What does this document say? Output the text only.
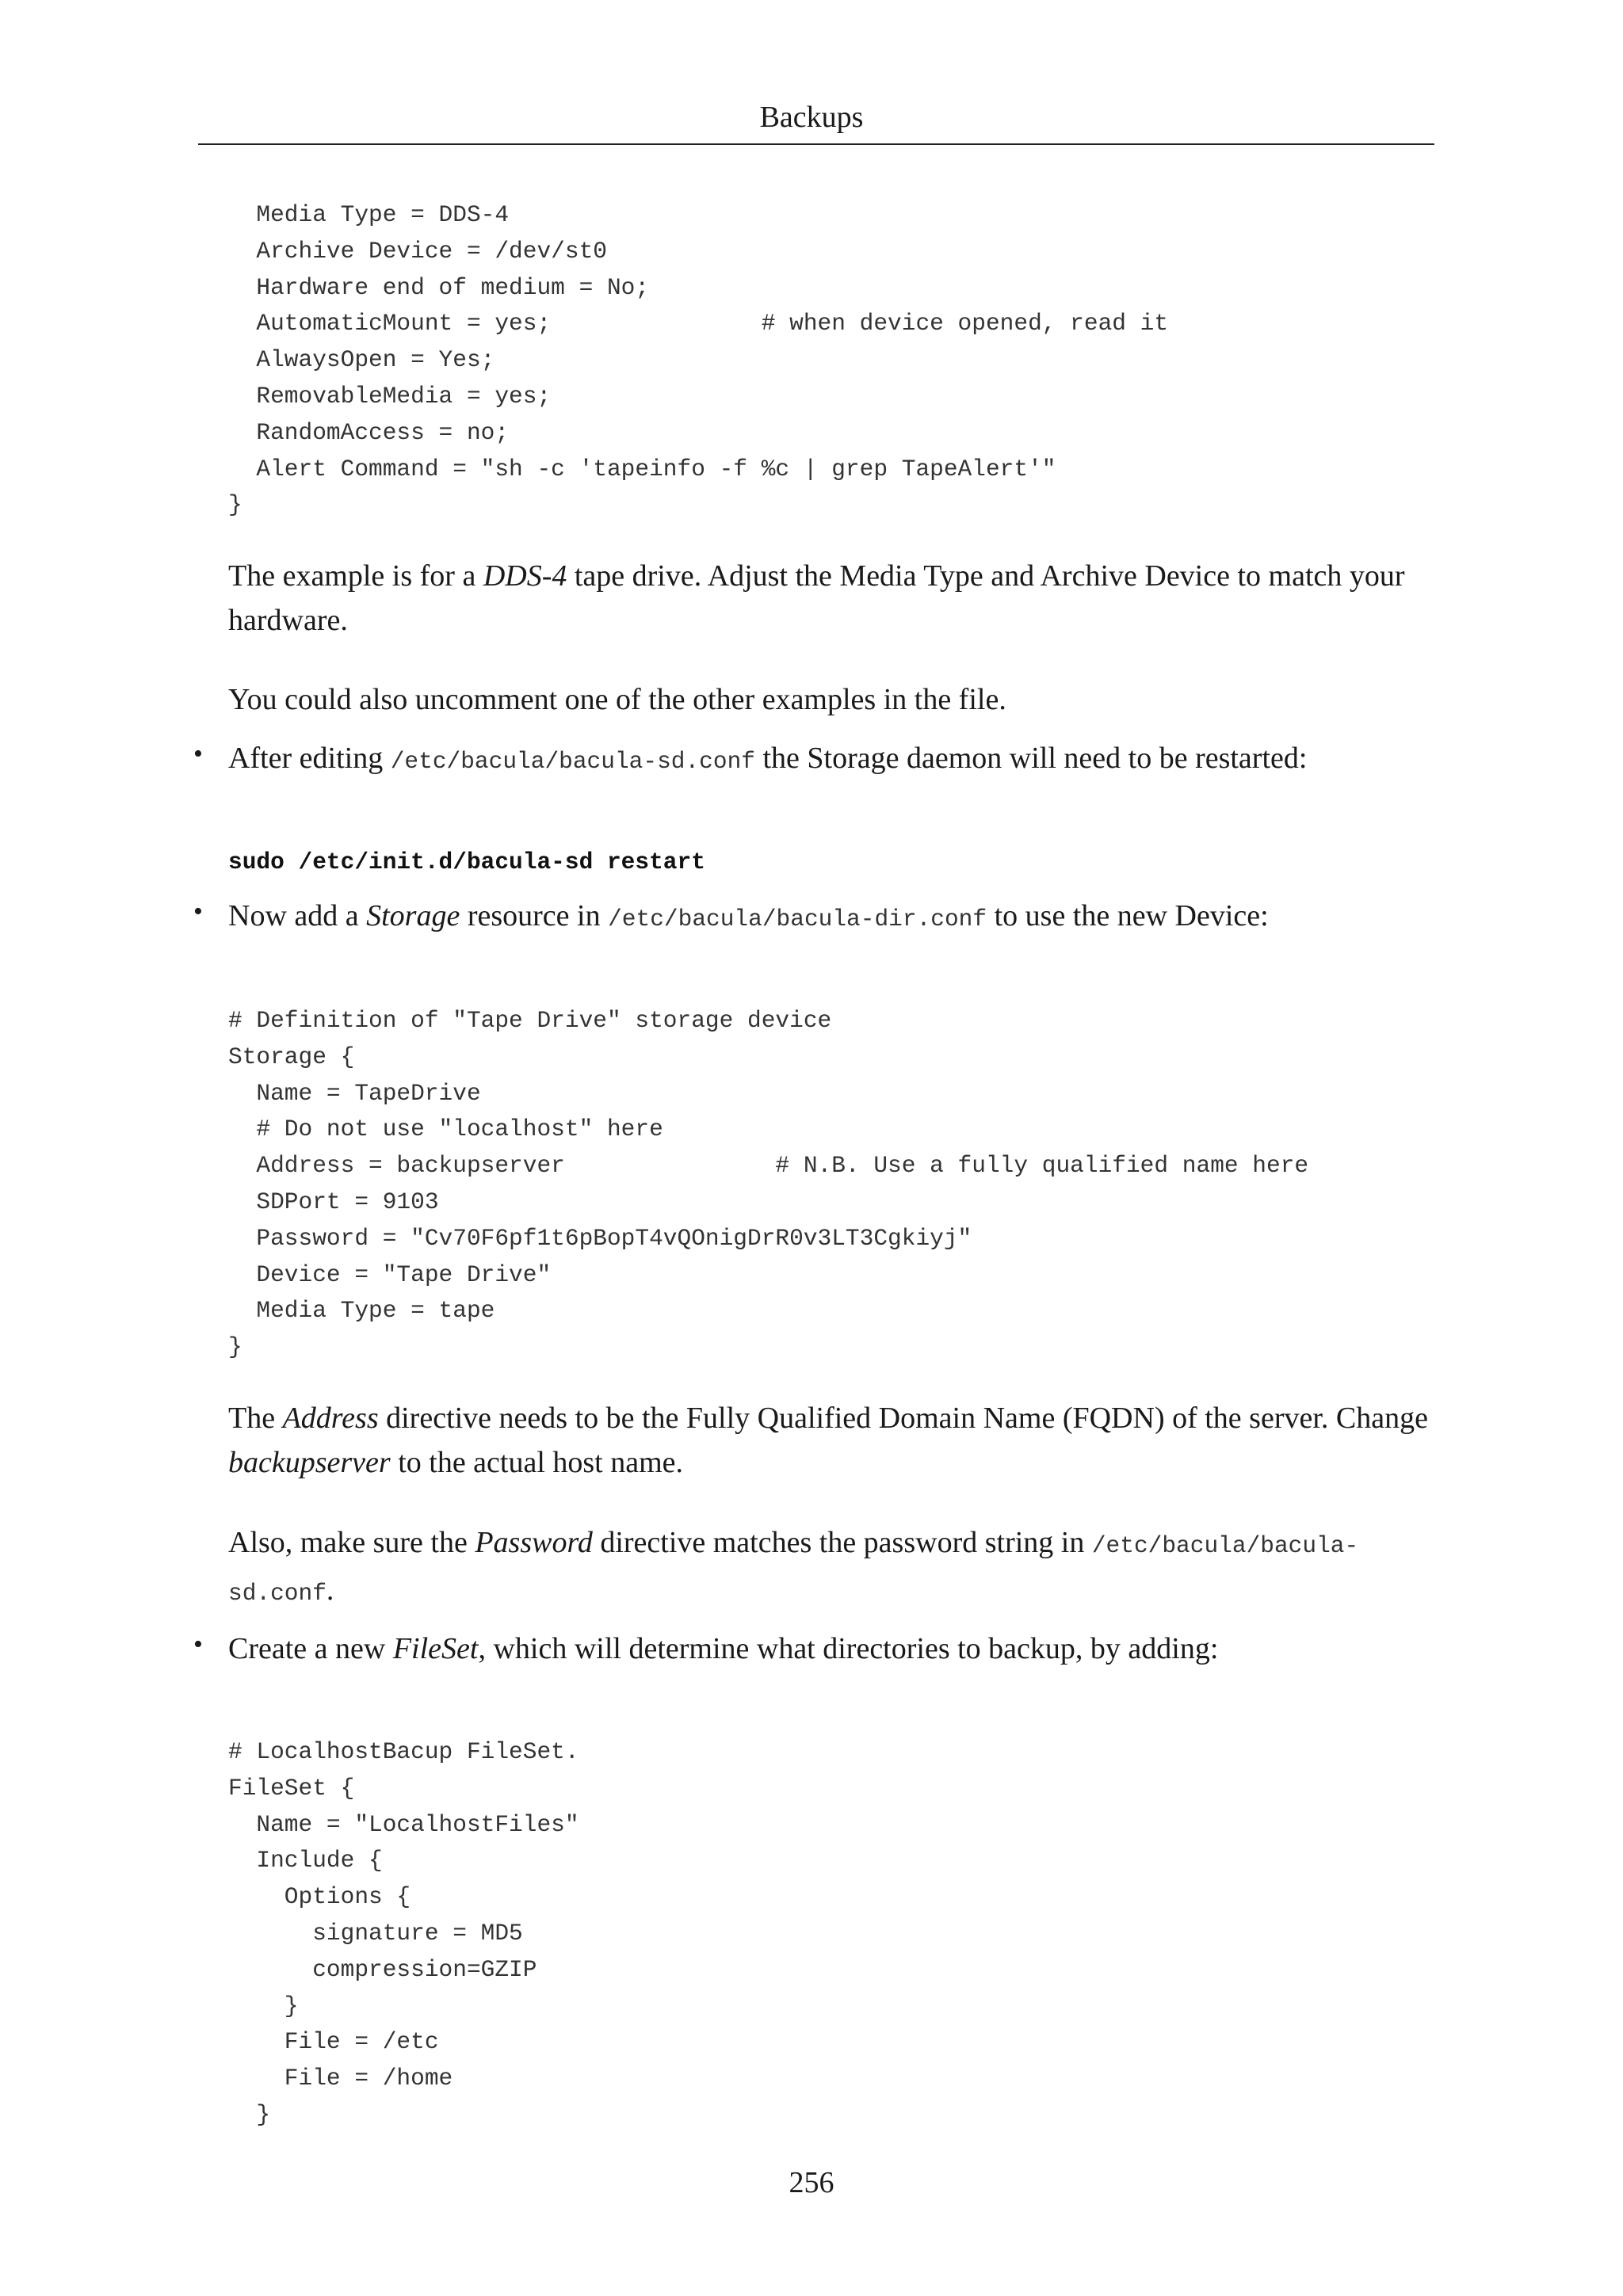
Backups
Media Type = DDS-4
Archive Device = /dev/st0
Hardware end of medium = No;
AutomaticMount = yes;               # when device opened, read it
AlwaysOpen = Yes;
RemovableMedia = yes;
RandomAccess = no;
Alert Command = "sh -c 'tapeinfo -f %c | grep TapeAlert'"
}
The example is for a DDS-4 tape drive. Adjust the Media Type and Archive Device to match your hardware.
You could also uncomment one of the other examples in the file.
• After editing /etc/bacula/bacula-sd.conf the Storage daemon will need to be restarted:
sudo /etc/init.d/bacula-sd restart
• Now add a Storage resource in /etc/bacula/bacula-dir.conf to use the new Device:
# Definition of "Tape Drive" storage device
Storage {
Name = TapeDrive
# Do not use "localhost" here
Address = backupserver               # N.B. Use a fully qualified name here
SDPort = 9103
Password = "Cv70F6pf1t6pBopT4vQOnigDrR0v3LT3Cgkiyj"
Device = "Tape Drive"
Media Type = tape
}
The Address directive needs to be the Fully Qualified Domain Name (FQDN) of the server. Change backupserver to the actual host name.
Also, make sure the Password directive matches the password string in /etc/bacula/bacula-sd.conf.
• Create a new FileSet, which will determine what directories to backup, by adding:
# LocalhostBacup FileSet.
FileSet {
Name = "LocalhostFiles"
Include {
Options {
signature = MD5
compression=GZIP
}
File = /etc
File = /home
}
256
